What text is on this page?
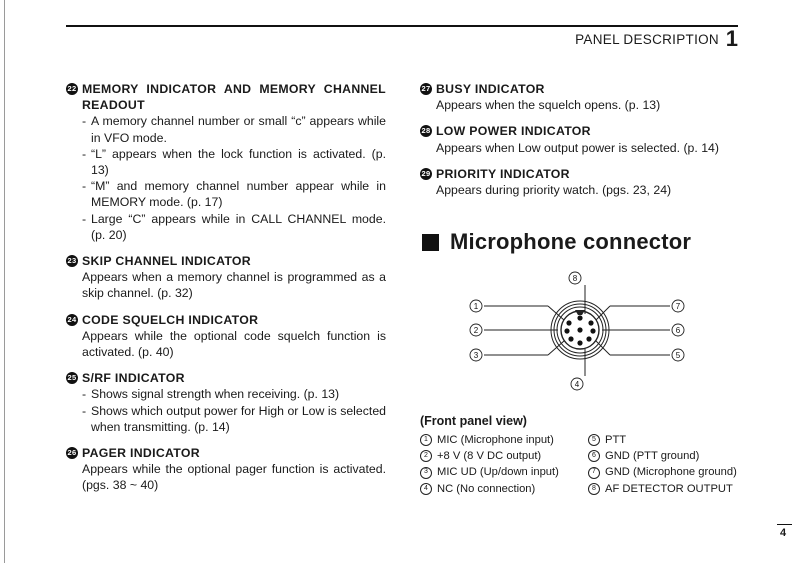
PANEL DESCRIPTION 1
22 MEMORY INDICATOR AND MEMORY CHANNEL READOUT
- A memory channel number or small “c” appears while in VFO mode.
- “L” appears when the lock function is activated. (p. 13)
- “M” and memory channel number appear while in MEMORY mode. (p. 17)
- Large “C” appears while in CALL CHANNEL mode. (p. 20)
23 SKIP CHANNEL INDICATOR
Appears when a memory channel is programmed as a skip channel. (p. 32)
24 CODE SQUELCH INDICATOR
Appears while the optional code squelch function is activated. (p. 40)
25 S/RF INDICATOR
- Shows signal strength when receiving. (p. 13)
- Shows which output power for High or Low is selected when transmitting. (p. 14)
26 PAGER INDICATOR
Appears while the optional pager function is activated. (pgs. 38 ~ 40)
27 BUSY INDICATOR
Appears when the squelch opens. (p. 13)
28 LOW POWER INDICATOR
Appears when Low output power is selected. (p. 14)
29 PRIORITY INDICATOR
Appears during priority watch. (pgs. 23, 24)
Microphone connector
1
2
3
7
6
5
8
4
(Front panel view)
1 MIC (Microphone input)
2 +8 V (8 V DC output)
3 MIC UD (Up/down input)
4 NC (No connection)
5 PTT
6 GND (PTT ground)
7 GND (Microphone ground)
8 AF DETECTOR OUTPUT
4
